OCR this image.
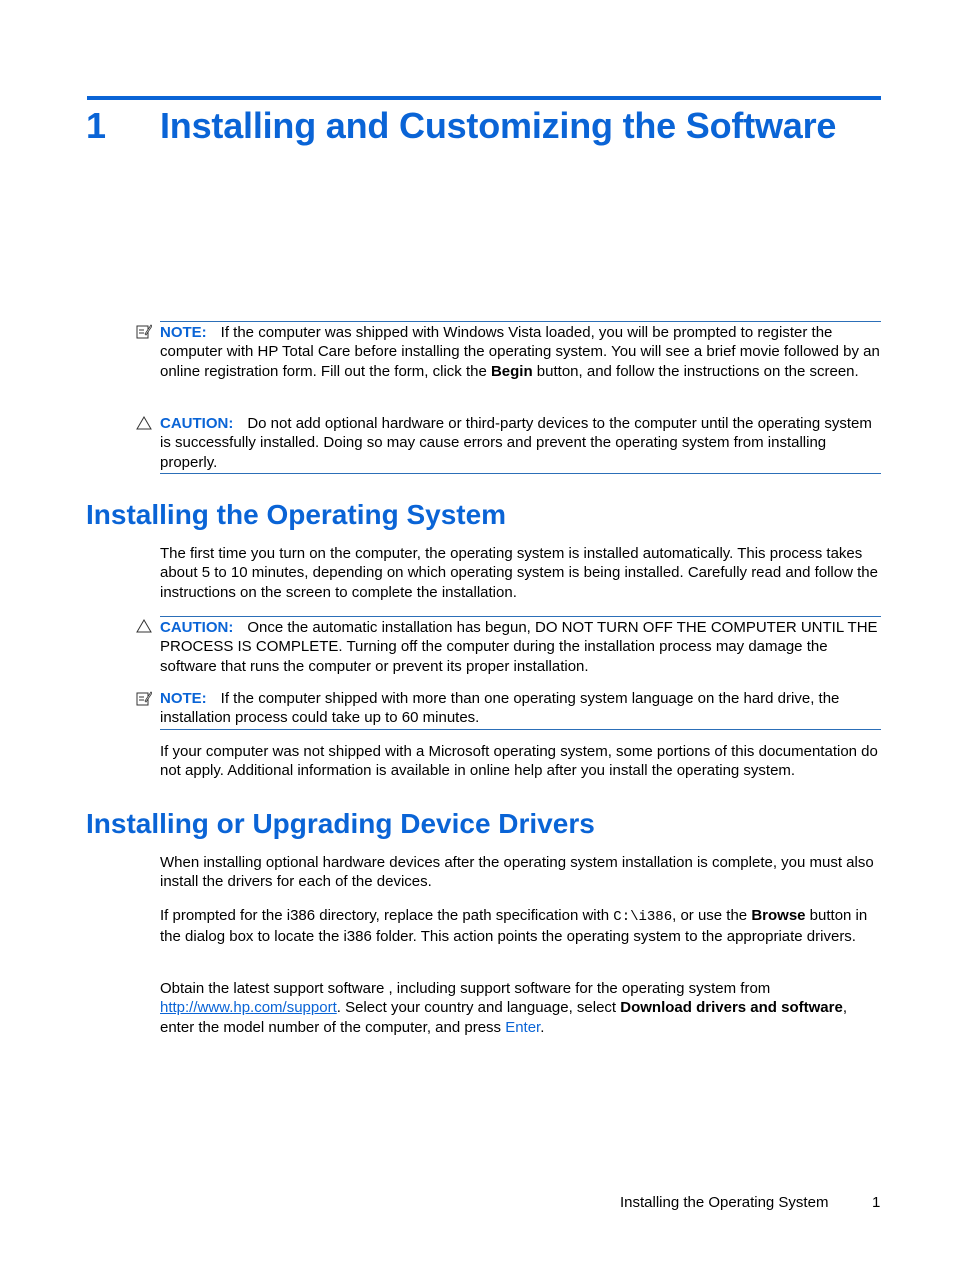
1 Installing and Customizing the Software
NOTE: If the computer was shipped with Windows Vista loaded, you will be prompted to register the computer with HP Total Care before installing the operating system. You will see a brief movie followed by an online registration form. Fill out the form, click the Begin button, and follow the instructions on the screen.
CAUTION: Do not add optional hardware or third-party devices to the computer until the operating system is successfully installed. Doing so may cause errors and prevent the operating system from installing properly.
Installing the Operating System
The first time you turn on the computer, the operating system is installed automatically. This process takes about 5 to 10 minutes, depending on which operating system is being installed. Carefully read and follow the instructions on the screen to complete the installation.
CAUTION: Once the automatic installation has begun, DO NOT TURN OFF THE COMPUTER UNTIL THE PROCESS IS COMPLETE. Turning off the computer during the installation process may damage the software that runs the computer or prevent its proper installation.
NOTE: If the computer shipped with more than one operating system language on the hard drive, the installation process could take up to 60 minutes.
If your computer was not shipped with a Microsoft operating system, some portions of this documentation do not apply. Additional information is available in online help after you install the operating system.
Installing or Upgrading Device Drivers
When installing optional hardware devices after the operating system installation is complete, you must also install the drivers for each of the devices.
If prompted for the i386 directory, replace the path specification with C:\i386, or use the Browse button in the dialog box to locate the i386 folder. This action points the operating system to the appropriate drivers.
Obtain the latest support software , including support software for the operating system from http://www.hp.com/support. Select your country and language, select Download drivers and software, enter the model number of the computer, and press Enter.
Installing the Operating System	1
